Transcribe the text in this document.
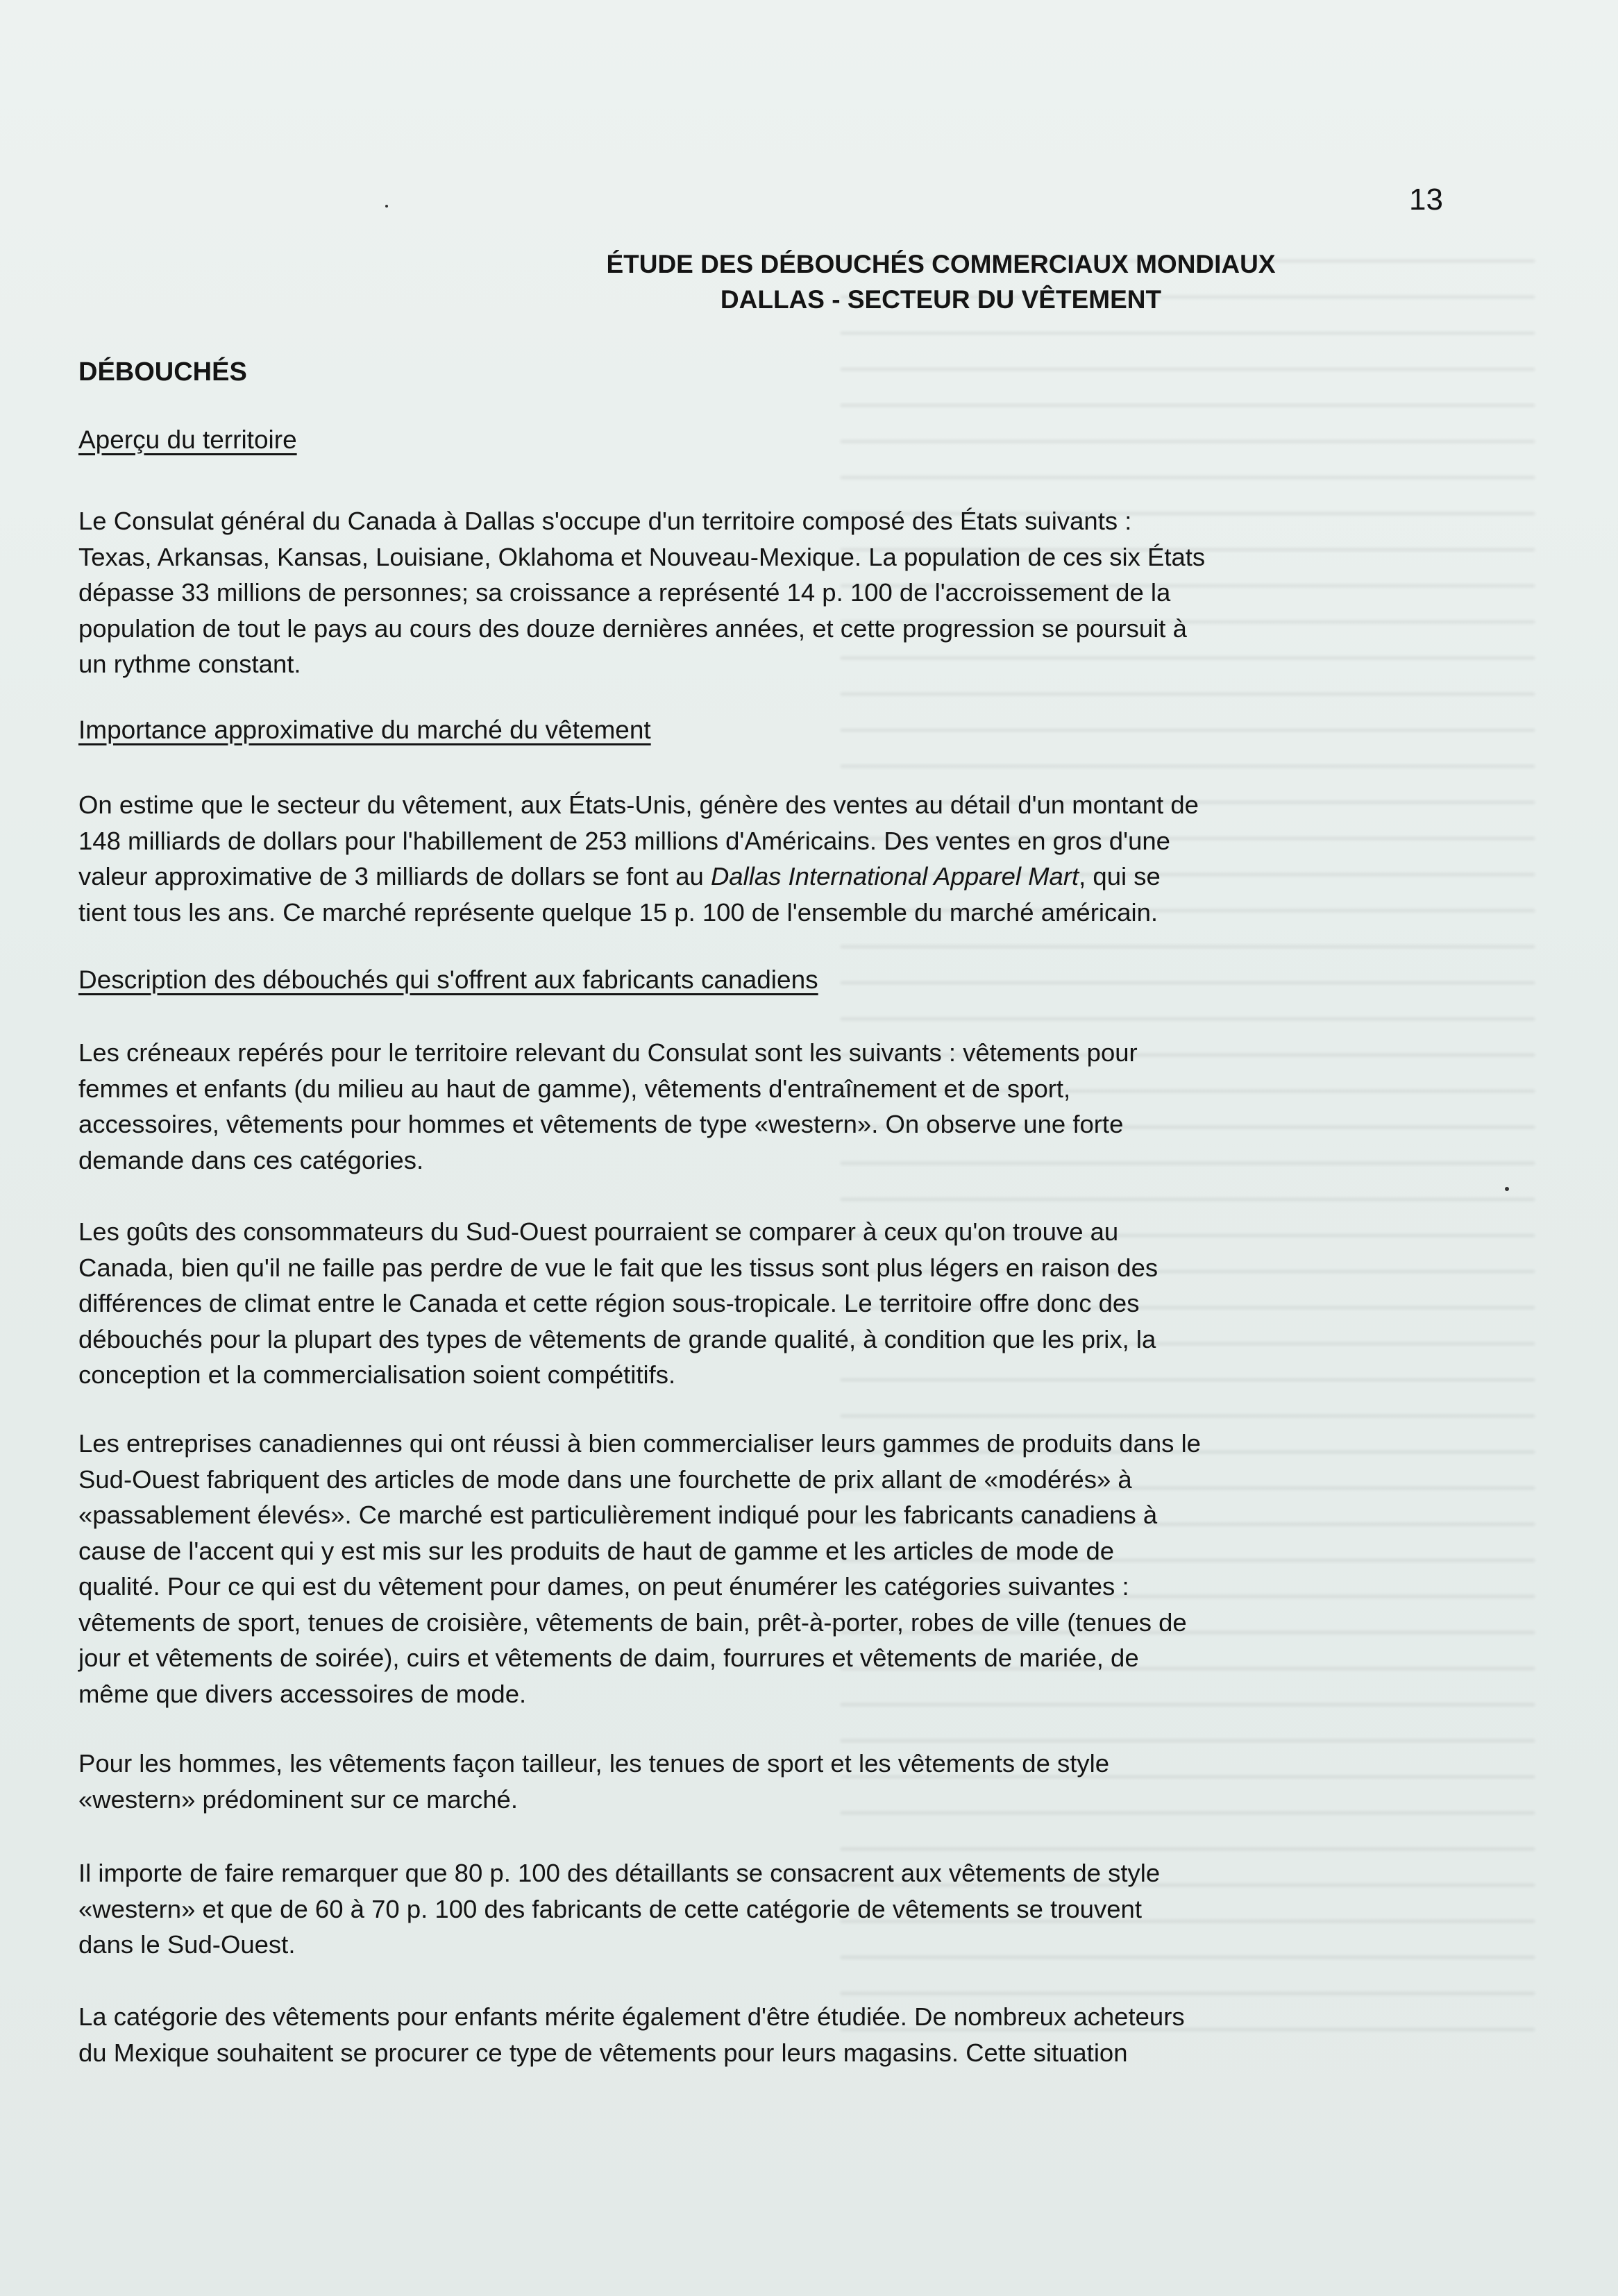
13
ÉTUDE DES DÉBOUCHÉS COMMERCIAUX MONDIAUX
DALLAS - SECTEUR DU VÊTEMENT
DÉBOUCHÉS
Aperçu du territoire
Le Consulat général du Canada à Dallas s'occupe d'un territoire composé des États suivants :
Texas, Arkansas, Kansas, Louisiane, Oklahoma et Nouveau-Mexique. La population de ces six États
dépasse 33 millions de personnes; sa croissance a représenté 14 p. 100 de l'accroissement de la
population de tout le pays au cours des douze dernières années, et cette progression se poursuit à
un rythme constant.
Importance approximative du marché du vêtement
On estime que le secteur du vêtement, aux États-Unis, génère des ventes au détail d'un montant de
148 milliards de dollars pour l'habillement de 253 millions d'Américains. Des ventes en gros d'une
valeur approximative de 3 milliards de dollars se font au Dallas International Apparel Mart, qui se
tient tous les ans. Ce marché représente quelque 15 p. 100 de l'ensemble du marché américain.
Description des débouchés qui s'offrent aux fabricants canadiens
Les créneaux repérés pour le territoire relevant du Consulat sont les suivants : vêtements pour
femmes et enfants (du milieu au haut de gamme), vêtements d'entraînement et de sport,
accessoires, vêtements pour hommes et vêtements de type «western». On observe une forte
demande dans ces catégories.
Les goûts des consommateurs du Sud-Ouest pourraient se comparer à ceux qu'on trouve au
Canada, bien qu'il ne faille pas perdre de vue le fait que les tissus sont plus légers en raison des
différences de climat entre le Canada et cette région sous-tropicale. Le territoire offre donc des
débouchés pour la plupart des types de vêtements de grande qualité, à condition que les prix, la
conception et la commercialisation soient compétitifs.
Les entreprises canadiennes qui ont réussi à bien commercialiser leurs gammes de produits dans le
Sud-Ouest fabriquent des articles de mode dans une fourchette de prix allant de «modérés» à
«passablement élevés». Ce marché est particulièrement indiqué pour les fabricants canadiens à
cause de l'accent qui y est mis sur les produits de haut de gamme et les articles de mode de
qualité. Pour ce qui est du vêtement pour dames, on peut énumérer les catégories suivantes :
vêtements de sport, tenues de croisière, vêtements de bain, prêt-à-porter, robes de ville (tenues de
jour et vêtements de soirée), cuirs et vêtements de daim, fourrures et vêtements de mariée, de
même que divers accessoires de mode.
Pour les hommes, les vêtements façon tailleur, les tenues de sport et les vêtements de style
«western» prédominent sur ce marché.
Il importe de faire remarquer que 80 p. 100 des détaillants se consacrent aux vêtements de style
«western» et que de 60 à 70 p. 100 des fabricants de cette catégorie de vêtements se trouvent
dans le Sud-Ouest.
La catégorie des vêtements pour enfants mérite également d'être étudiée. De nombreux acheteurs
du Mexique souhaitent se procurer ce type de vêtements pour leurs magasins. Cette situation
